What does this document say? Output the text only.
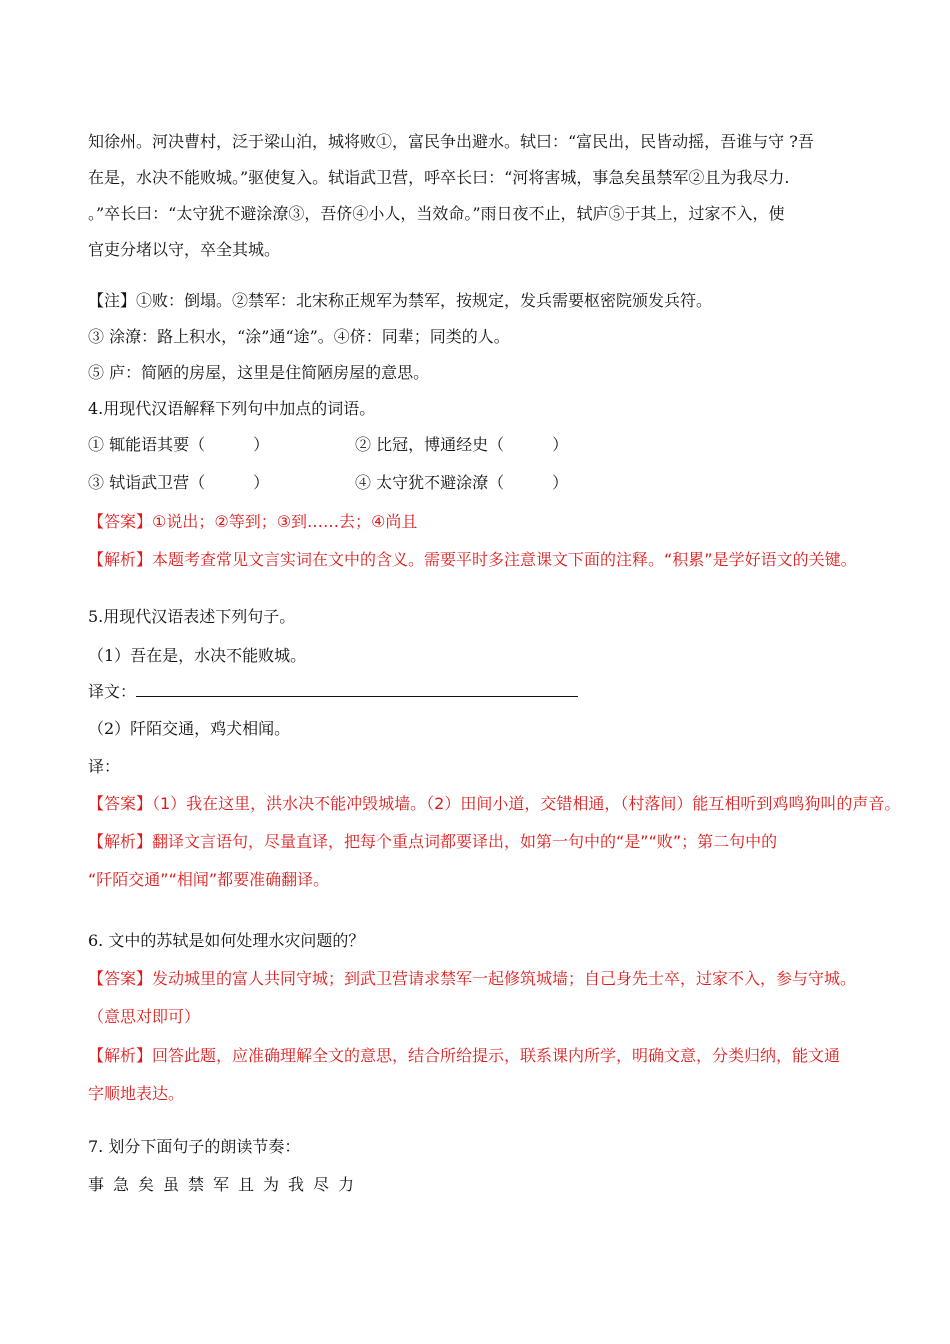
知徐州。河决曹村，泛于梁山泊，城将败①，富民争出避水。轼曰：“富民出，民皆动摇，吾谁与守 ?吾
在是，水决不能败城。”驱使复入。轼诣武卫营，呼卒长曰：“河将害城，事急矣虽禁军②且为我尽力.
。”卒长曰：“太守犹不避涂潦③，吾侪④小人，当效命。”雨日夜不止，轼庐⑤于其上，过家不入，使
官吏分堵以守，卒全其城。
【注】①败：倒塌。②禁军：北宋称正规军为禁军，按规定，发兵需要枢密院颁发兵符。
③ 涂潦：路上积水，“涂”通“途”。④侪：同辈；同类的人。
⑤ 庐：简陋的房屋，这里是住简陋房屋的意思。
4.用现代汉语解释下列句中加点的词语。
① 辄能语其要（　　　）	② 比冠，博通经史（　　　）
③ 轼诣武卫营（　　　）	④ 太守犹不避涂潦（　　　）
【答案】①说出；②等到；③到……去；④尚且
【解析】本题考查常见文言实词在文中的含义。需要平时多注意课文下面的注释。“积累”是学好语文的关键。
5.用现代汉语表述下列句子。
（1）吾在是，水决不能败城。
译文：
（2）阡陌交通，鸡犬相闻。
译：
【答案】（1）我在这里，洪水决不能冲毁城墙。（2）田间小道，交错相通，（村落间）能互相听到鸡鸣狗叫的声音。
【解析】翻译文言语句，尽量直译，把每个重点词都要译出，如第一句中的“是”“败”；第二句中的
“阡陌交通”“相闻”都要准确翻译。
6. 文中的苏轼是如何处理水灾问题的？
【答案】发动城里的富人共同守城；到武卫营请求禁军一起修筑城墙；自己身先士卒，过家不入，参与守城。
（意思对即可）
【解析】回答此题，应准确理解全文的意思，结合所给提示，联系课内所学，明确文意，分类归纳，能文通
字顺地表达。
7. 划分下面句子的朗读节奏：
事 急 矣 虽 禁 军 且 为 我 尽 力
